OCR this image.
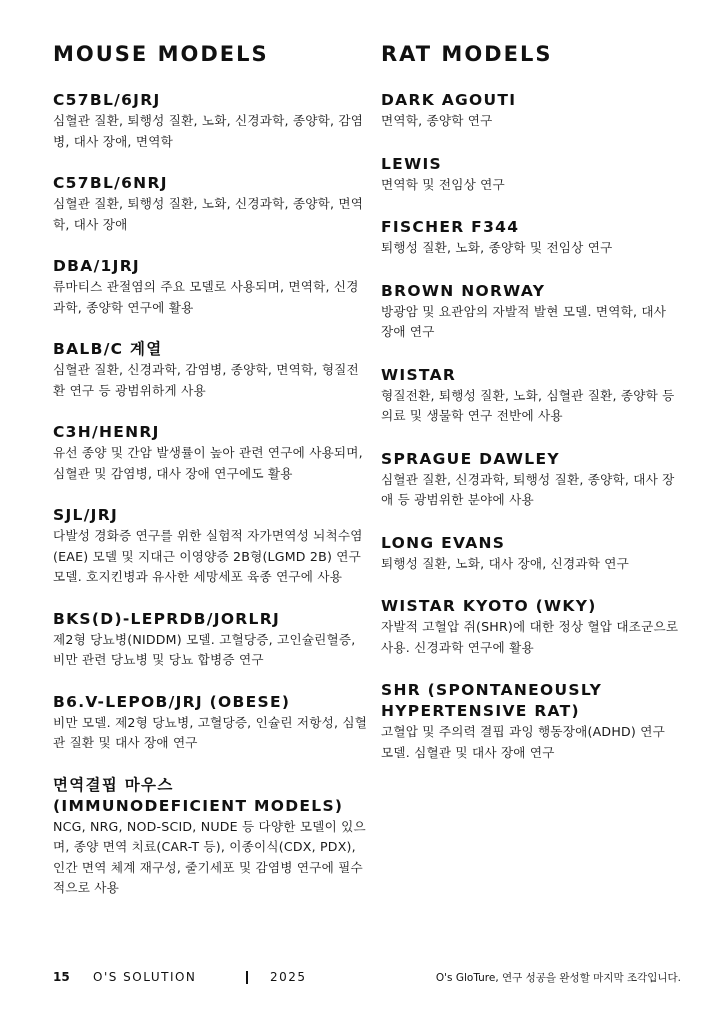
MOUSE MODELS
C57BL/6JRJ
심혈관 질환, 퇴행성 질환, 노화, 신경과학, 종양학, 감염병, 대사 장애, 면역학
C57BL/6NRJ
심혈관 질환, 퇴행성 질환, 노화, 신경과학, 종양학, 면역학, 대사 장애
DBA/1JRJ
류마티스 관절염의 주요 모델로 사용되며, 면역학, 신경과학, 종양학 연구에 활용
BALB/C 계열
심혈관 질환, 신경과학, 감염병, 종양학, 면역학, 형질전환 연구 등 광범위하게 사용
C3H/HENRJ
유선 종양 및 간암 발생률이 높아 관련 연구에 사용되며, 심혈관 및 감염병, 대사 장애 연구에도 활용
SJL/JRJ
다발성 경화증 연구를 위한 실험적 자가면역성 뇌척수염(EAE) 모델 및 지대근 이영양증 2B형(LGMD 2B) 연구 모델. 호지킨병과 유사한 세망세포 육종 연구에 사용
BKS(D)-LEPRDB/JORLRJ
제2형 당뇨병(NIDDM) 모델. 고혈당증, 고인슐린혈증, 비만 관련 당뇨병 및 당뇨 합병증 연구
B6.V-LEPOB/JRJ (OBESE)
비만 모델. 제2형 당뇨병, 고혈당증, 인슐린 저항성, 심혈관 질환 및 대사 장애 연구
면역결핍 마우스
(IMMUNODEFICIENT MODELS)
NCG, NRG, NOD-SCID, NUDE 등 다양한 모델이 있으며, 종양 면역 치료(CAR-T 등), 이종이식(CDX, PDX), 인간 면역 체계 재구성, 줄기세포 및 감염병 연구에 필수적으로 사용
RAT MODELS
DARK AGOUTI
면역학, 종양학 연구
LEWIS
면역학 및 전임상 연구
FISCHER F344
퇴행성 질환, 노화, 종양학 및 전임상 연구
BROWN NORWAY
방광암 및 요관암의 자발적 발현 모델. 면역학, 대사 장애 연구
WISTAR
형질전환, 퇴행성 질환, 노화, 심혈관 질환, 종양학 등 의료 및 생물학 연구 전반에 사용
SPRAGUE DAWLEY
심혈관 질환, 신경과학, 퇴행성 질환, 종양학, 대사 장애 등 광범위한 분야에 사용
LONG EVANS
퇴행성 질환, 노화, 대사 장애, 신경과학 연구
WISTAR KYOTO (WKY)
자발적 고혈압 쥐(SHR)에 대한 정상 혈압 대조군으로 사용. 신경과학 연구에 활용
SHR (SPONTANEOUSLY
HYPERTENSIVE RAT)
고혈압 및 주의력 결핍 과잉 행동장애(ADHD) 연구 모델. 심혈관 및 대사 장애 연구
15 O'S SOLUTION	2025	O's GloTure, 연구 성공을 완성할 마지막 조각입니다.
